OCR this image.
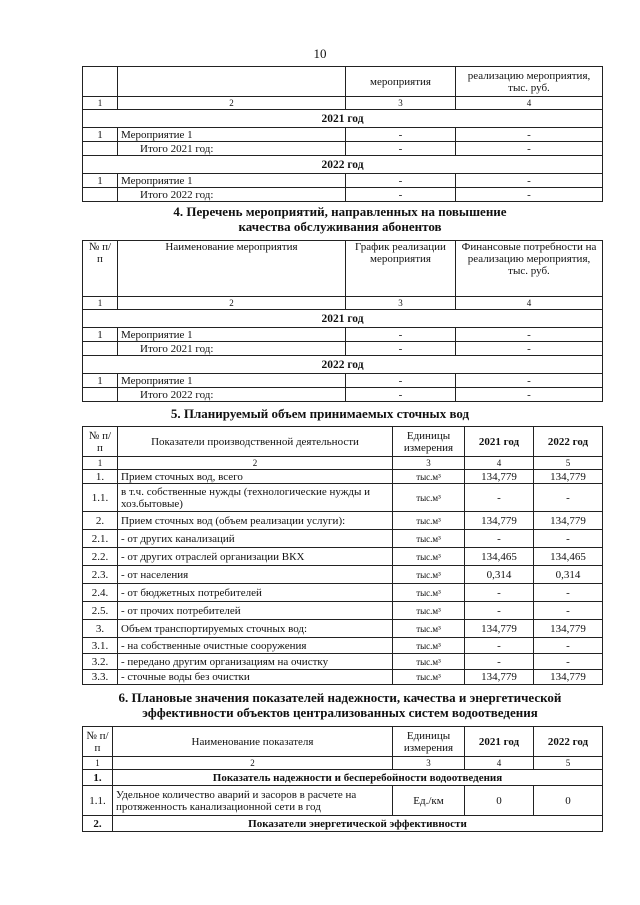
10
		мероприятия	реализацию мероприятия, тыс. руб.
1	2	3	4
2021 год			
1	Мероприятие 1	-	-
	Итого 2021 год:	-	-
2022 год			
1	Мероприятие 1	-	-
	Итого 2022 год:	-	-
4. Перечень мероприятий, направленных на повышение качества обслуживания абонентов
№ п/п	Наименование мероприятия	График реализации мероприятия	Финансовые потребности на реализацию мероприятия, тыс. руб.
1	2	3	4
2021 год			
1	Мероприятие 1	-	-
	Итого 2021 год:	-	-
2022 год			
1	Мероприятие 1	-	-
	Итого 2022 год:	-	-
5. Планируемый объем принимаемых сточных вод
№ п/п	Показатели производственной деятельности	Единицы измерения	2021 год	2022 год
1	2	3	4	5
1.	Прием сточных вод, всего	тыс.м³	134,779	134,779
1.1.	в т.ч. собственные нужды (технологические нужды и хоз.бытовые)	тыс.м³	-	-
2.	Прием сточных вод (объем реализации услуги):	тыс.м³	134,779	134,779
2.1.	- от других канализаций	тыс.м³	-	-
2.2.	- от других отраслей организации ВКХ	тыс.м³	134,465	134,465
2.3.	- от населения	тыс.м³	0,314	0,314
2.4.	- от бюджетных потребителей	тыс.м³	-	-
2.5.	- от прочих потребителей	тыс.м³	-	-
3.	Объем транспортируемых сточных вод:	тыс.м³	134,779	134,779
3.1.	- на собственные очистные сооружения	тыс.м³	-	-
3.2.	- передано другим организациям на очистку	тыс.м³	-	-
3.3.	- сточные воды без очистки	тыс.м³	134,779	134,779
6. Плановые значения показателей надежности, качества и энергетической эффективности объектов централизованных систем водоотведения
№ п/п	Наименование показателя	Единицы измерения	2021 год	2022 год
1	2	3	4	5
1.	Показатель надежности и бесперебойности водоотведения			
1.1.	Удельное количество аварий и засоров в расчете на протяженность канализационной сети в год	Ед./км	0	0
2.	Показатели энергетической эффективности			
